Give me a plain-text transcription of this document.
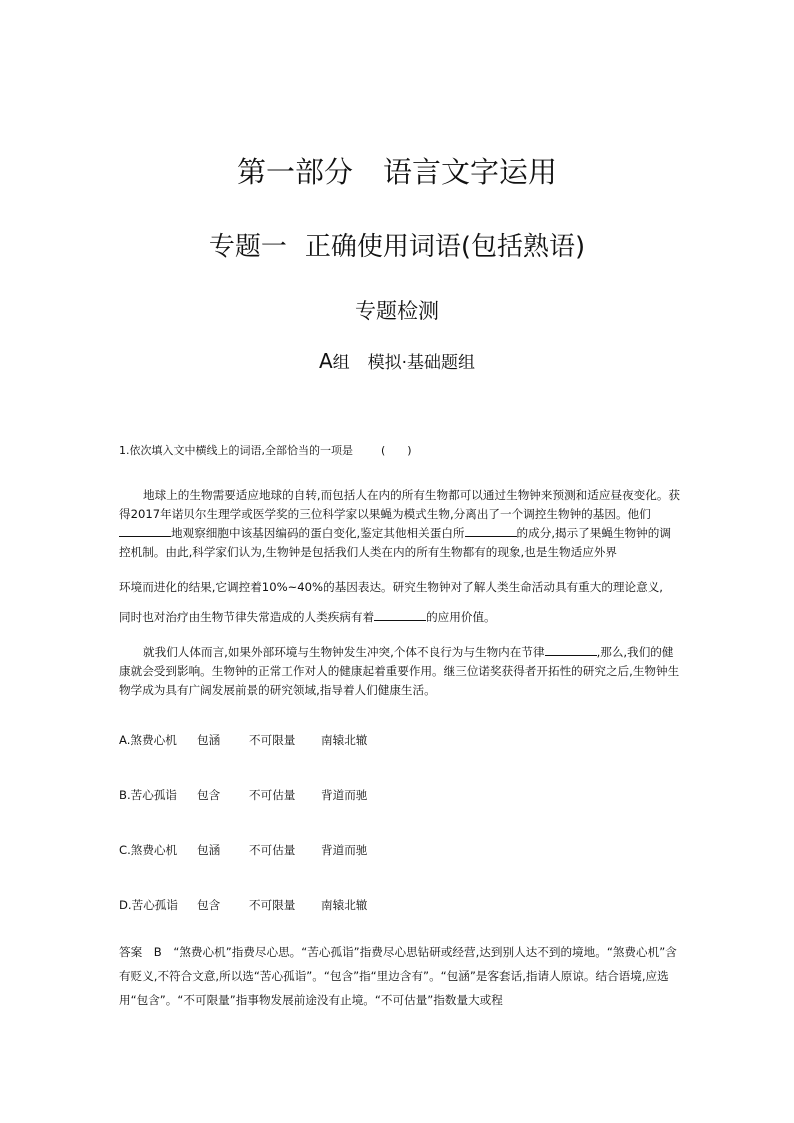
第一部分 语言文字运用
专题一 正确使用词语(包括熟语)
专题检测
A组 模拟·基础题组
1.依次填入文中横线上的词语,全部恰当的一项是	(　　)
地球上的生物需要适应地球的自转,而包括人在内的所有生物都可以通过生物钟来预测和适应昼夜变化。获得2017年诺贝尔生理学或医学奖的三位科学家以果蝇为模式生物,分离出了一个调控生物钟的基因。他们地观察细胞中该基因编码的蛋白变化,鉴定其他相关蛋白所	的成分,揭示了果蝇生物钟的调控机制。由此,科学家们认为,生物钟是包括我们人类在内的所有生物都有的现象,也是生物适应外界
环境而进化的结果,它调控着10%~40%的基因表达。研究生物钟对了解人类生命活动具有重大的理论意义,
同时也对治疗由生物节律失常造成的人类疾病有着	的应用价值。
就我们人体而言,如果外部环境与生物钟发生冲突,个体不良行为与生物内在节律	,那么,我们的健康就会受到影响。生物钟的正常工作对人的健康起着重要作用。继三位诺奖获得者开拓性的研究之后,生物钟生物学成为具有广阔发展前景的研究领域,指导着人们健康生活。
A.煞费心机 包涵 不可限量 南辕北辙
B.苦心孤诣 包含 不可估量 背道而驰
C.煞费心机 包涵 不可估量 背道而驰
D.苦心孤诣 包含 不可限量 南辕北辙
答案　B　“煞费心机”指费尽心思。“苦心孤诣”指费尽心思钻研或经营,达到别人达不到的境地。“煞费心机”含有贬义,不符合文意,所以选“苦心孤诣”。“包含”指“里边含有”。“包涵”是客套话,指请人原谅。结合语境,应选用“包含”。“不可限量”指事物发展前途没有止境。“不可估量”指数量大或程
